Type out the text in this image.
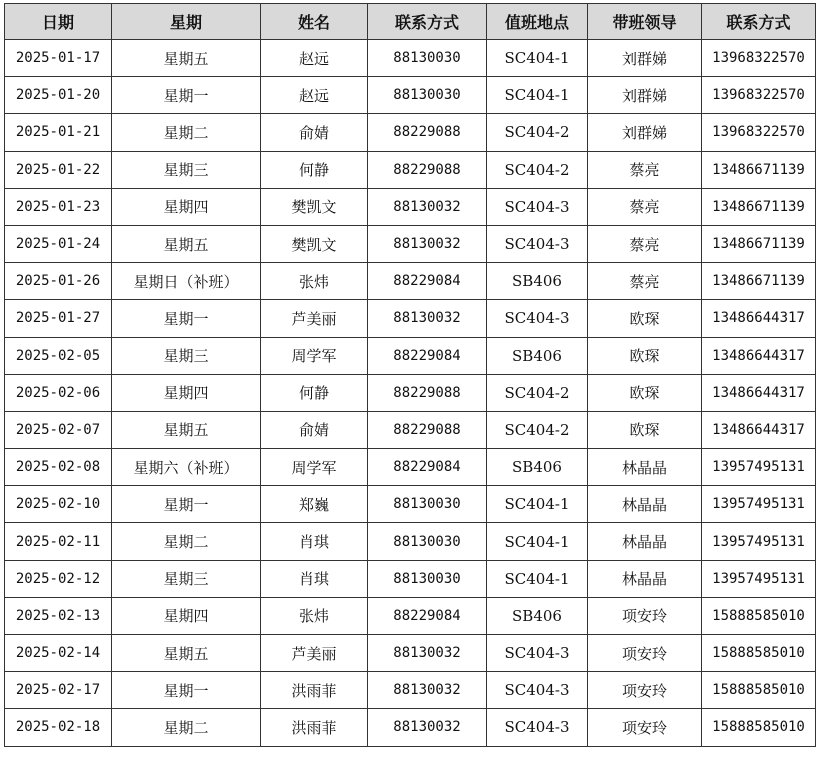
日期	星期	姓名	联系方式	值班地点	带班领导	联系方式
2025-01-17	星期五	赵远	88130030	SC404-1	刘群娣	13968322570
2025-01-20	星期一	赵远	88130030	SC404-1	刘群娣	13968322570
2025-01-21	星期二	俞婧	88229088	SC404-2	刘群娣	13968322570
2025-01-22	星期三	何静	88229088	SC404-2	蔡亮	13486671139
2025-01-23	星期四	樊凯文	88130032	SC404-3	蔡亮	13486671139
2025-01-24	星期五	樊凯文	88130032	SC404-3	蔡亮	13486671139
2025-01-26	星期日（补班）	张炜	88229084	SB406	蔡亮	13486671139
2025-01-27	星期一	芦美丽	88130032	SC404-3	欧琛	13486644317
2025-02-05	星期三	周学军	88229084	SB406	欧琛	13486644317
2025-02-06	星期四	何静	88229088	SC404-2	欧琛	13486644317
2025-02-07	星期五	俞婧	88229088	SC404-2	欧琛	13486644317
2025-02-08	星期六（补班）	周学军	88229084	SB406	林晶晶	13957495131
2025-02-10	星期一	郑巍	88130030	SC404-1	林晶晶	13957495131
2025-02-11	星期二	肖琪	88130030	SC404-1	林晶晶	13957495131
2025-02-12	星期三	肖琪	88130030	SC404-1	林晶晶	13957495131
2025-02-13	星期四	张炜	88229084	SB406	项安玲	15888585010
2025-02-14	星期五	芦美丽	88130032	SC404-3	项安玲	15888585010
2025-02-17	星期一	洪雨菲	88130032	SC404-3	项安玲	15888585010
2025-02-18	星期二	洪雨菲	88130032	SC404-3	项安玲	15888585010
